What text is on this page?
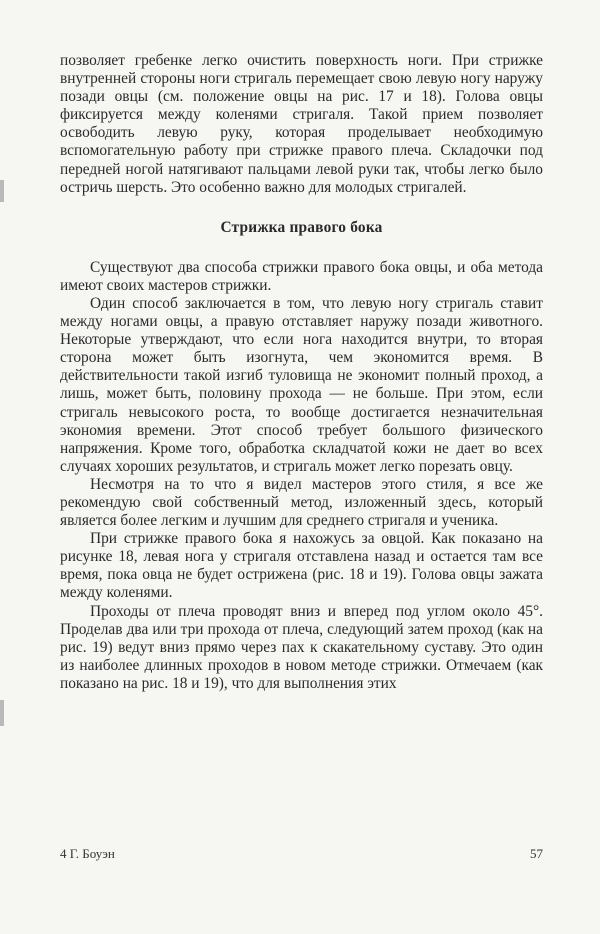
позволяет гребенке легко очистить поверхность ноги. При стрижке внутренней стороны ноги стригаль перемещает свою левую ногу наружу позади овцы (см. положение овцы на рис. 17 и 18). Голова овцы фиксируется между коленями стригаля. Такой прием позволяет освободить левую руку, которая проделывает необходимую вспомогательную работу при стрижке правого плеча. Складочки под передней ногой натягивают пальцами левой руки так, чтобы легко было остричь шерсть. Это особенно важно для молодых стригалей.

Стрижка правого бока

Существуют два способа стрижки правого бока овцы, и оба метода имеют своих мастеров стрижки.

Один способ заключается в том, что левую ногу стригаль ставит между ногами овцы, а правую отставляет наружу позади животного. Некоторые утверждают, что если нога находится внутри, то вторая сторона может быть изогнута, чем экономится время. В действительности такой изгиб туловища не экономит полный проход, а лишь, может быть, половину прохода — не больше. При этом, если стригаль невысокого роста, то вообще достигается незначительная экономия времени. Этот способ требует большого физического напряжения. Кроме того, обработка складчатой кожи не дает во всех случаях хороших результатов, и стригаль может легко порезать овцу.

Несмотря на то что я видел мастеров этого стиля, я все же рекомендую свой собственный метод, изложенный здесь, который является более легким и лучшим для среднего стригаля и ученика.

При стрижке правого бока я нахожусь за овцой. Как показано на рисунке 18, левая нога у стригаля отставлена назад и остается там все время, пока овца не будет острижена (рис. 18 и 19). Голова овцы зажата между коленями.

Проходы от плеча проводят вниз и вперед под углом около 45°. Проделав два или три прохода от плеча, следующий затем проход (как на рис. 19) ведут вниз прямо через пах к скакательному суставу. Это один из наиболее длинных проходов в новом методе стрижки. Отмечаем (как показано на рис. 18 и 19), что для выполнения этих

4 Г. Боуэн	57
